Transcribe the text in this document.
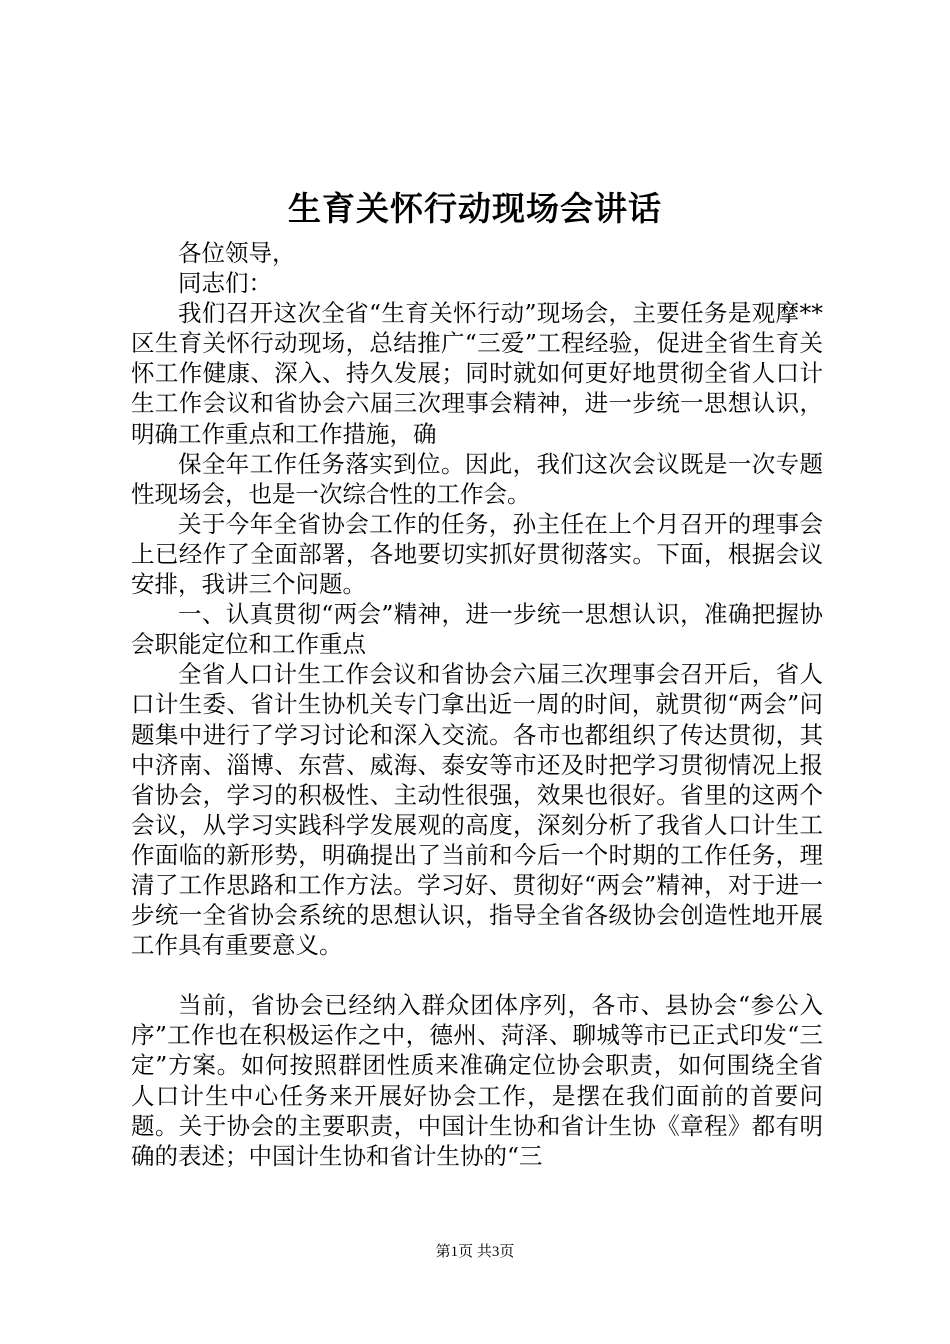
生育关怀行动现场会讲话

各位领导，

同志们：

我们召开这次全省“生育关怀行动”现场会，主要任务是观摩**区生育关怀行动现场，总结推广“三爱”工程经验，促进全省生育关怀工作健康、深入、持久发展；同时就如何更好地贯彻全省人口计生工作会议和省协会六届三次理事会精神，进一步统一思想认识，明确工作重点和工作措施，确

保全年工作任务落实到位。因此，我们这次会议既是一次专题性现场会，也是一次综合性的工作会。

关于今年全省协会工作的任务，孙主任在上个月召开的理事会上已经作了全面部署，各地要切实抓好贯彻落实。下面，根据会议安排，我讲三个问题。

一、认真贯彻“两会”精神，进一步统一思想认识，准确把握协会职能定位和工作重点

全省人口计生工作会议和省协会六届三次理事会召开后，省人口计生委、省计生协机关专门拿出近一周的时间，就贯彻“两会”问题集中进行了学习讨论和深入交流。各市也都组织了传达贯彻，其中济南、淄博、东营、威海、泰安等市还及时把学习贯彻情况上报省协会，学习的积极性、主动性很强，效果也很好。省里的这两个会议，从学习实践科学发展观的高度，深刻分析了我省人口计生工作面临的新形势，明确提出了当前和今后一个时期的工作任务，理清了工作思路和工作方法。学习好、贯彻好“两会”精神，对于进一步统一全省协会系统的思想认识，指导全省各级协会创造性地开展工作具有重要意义。

当前，省协会已经纳入群众团体序列，各市、县协会“参公入序”工作也在积极运作之中，德州、菏泽、聊城等市已正式印发“三定”方案。如何按照群团性质来准确定位协会职责，如何围绕全省人口计生中心任务来开展好协会工作，是摆在我们面前的首要问题。关于协会的主要职责，中国计生协和省计生协《章程》都有明确的表述；中国计生协和省计生协的“三

第1页 共3页
